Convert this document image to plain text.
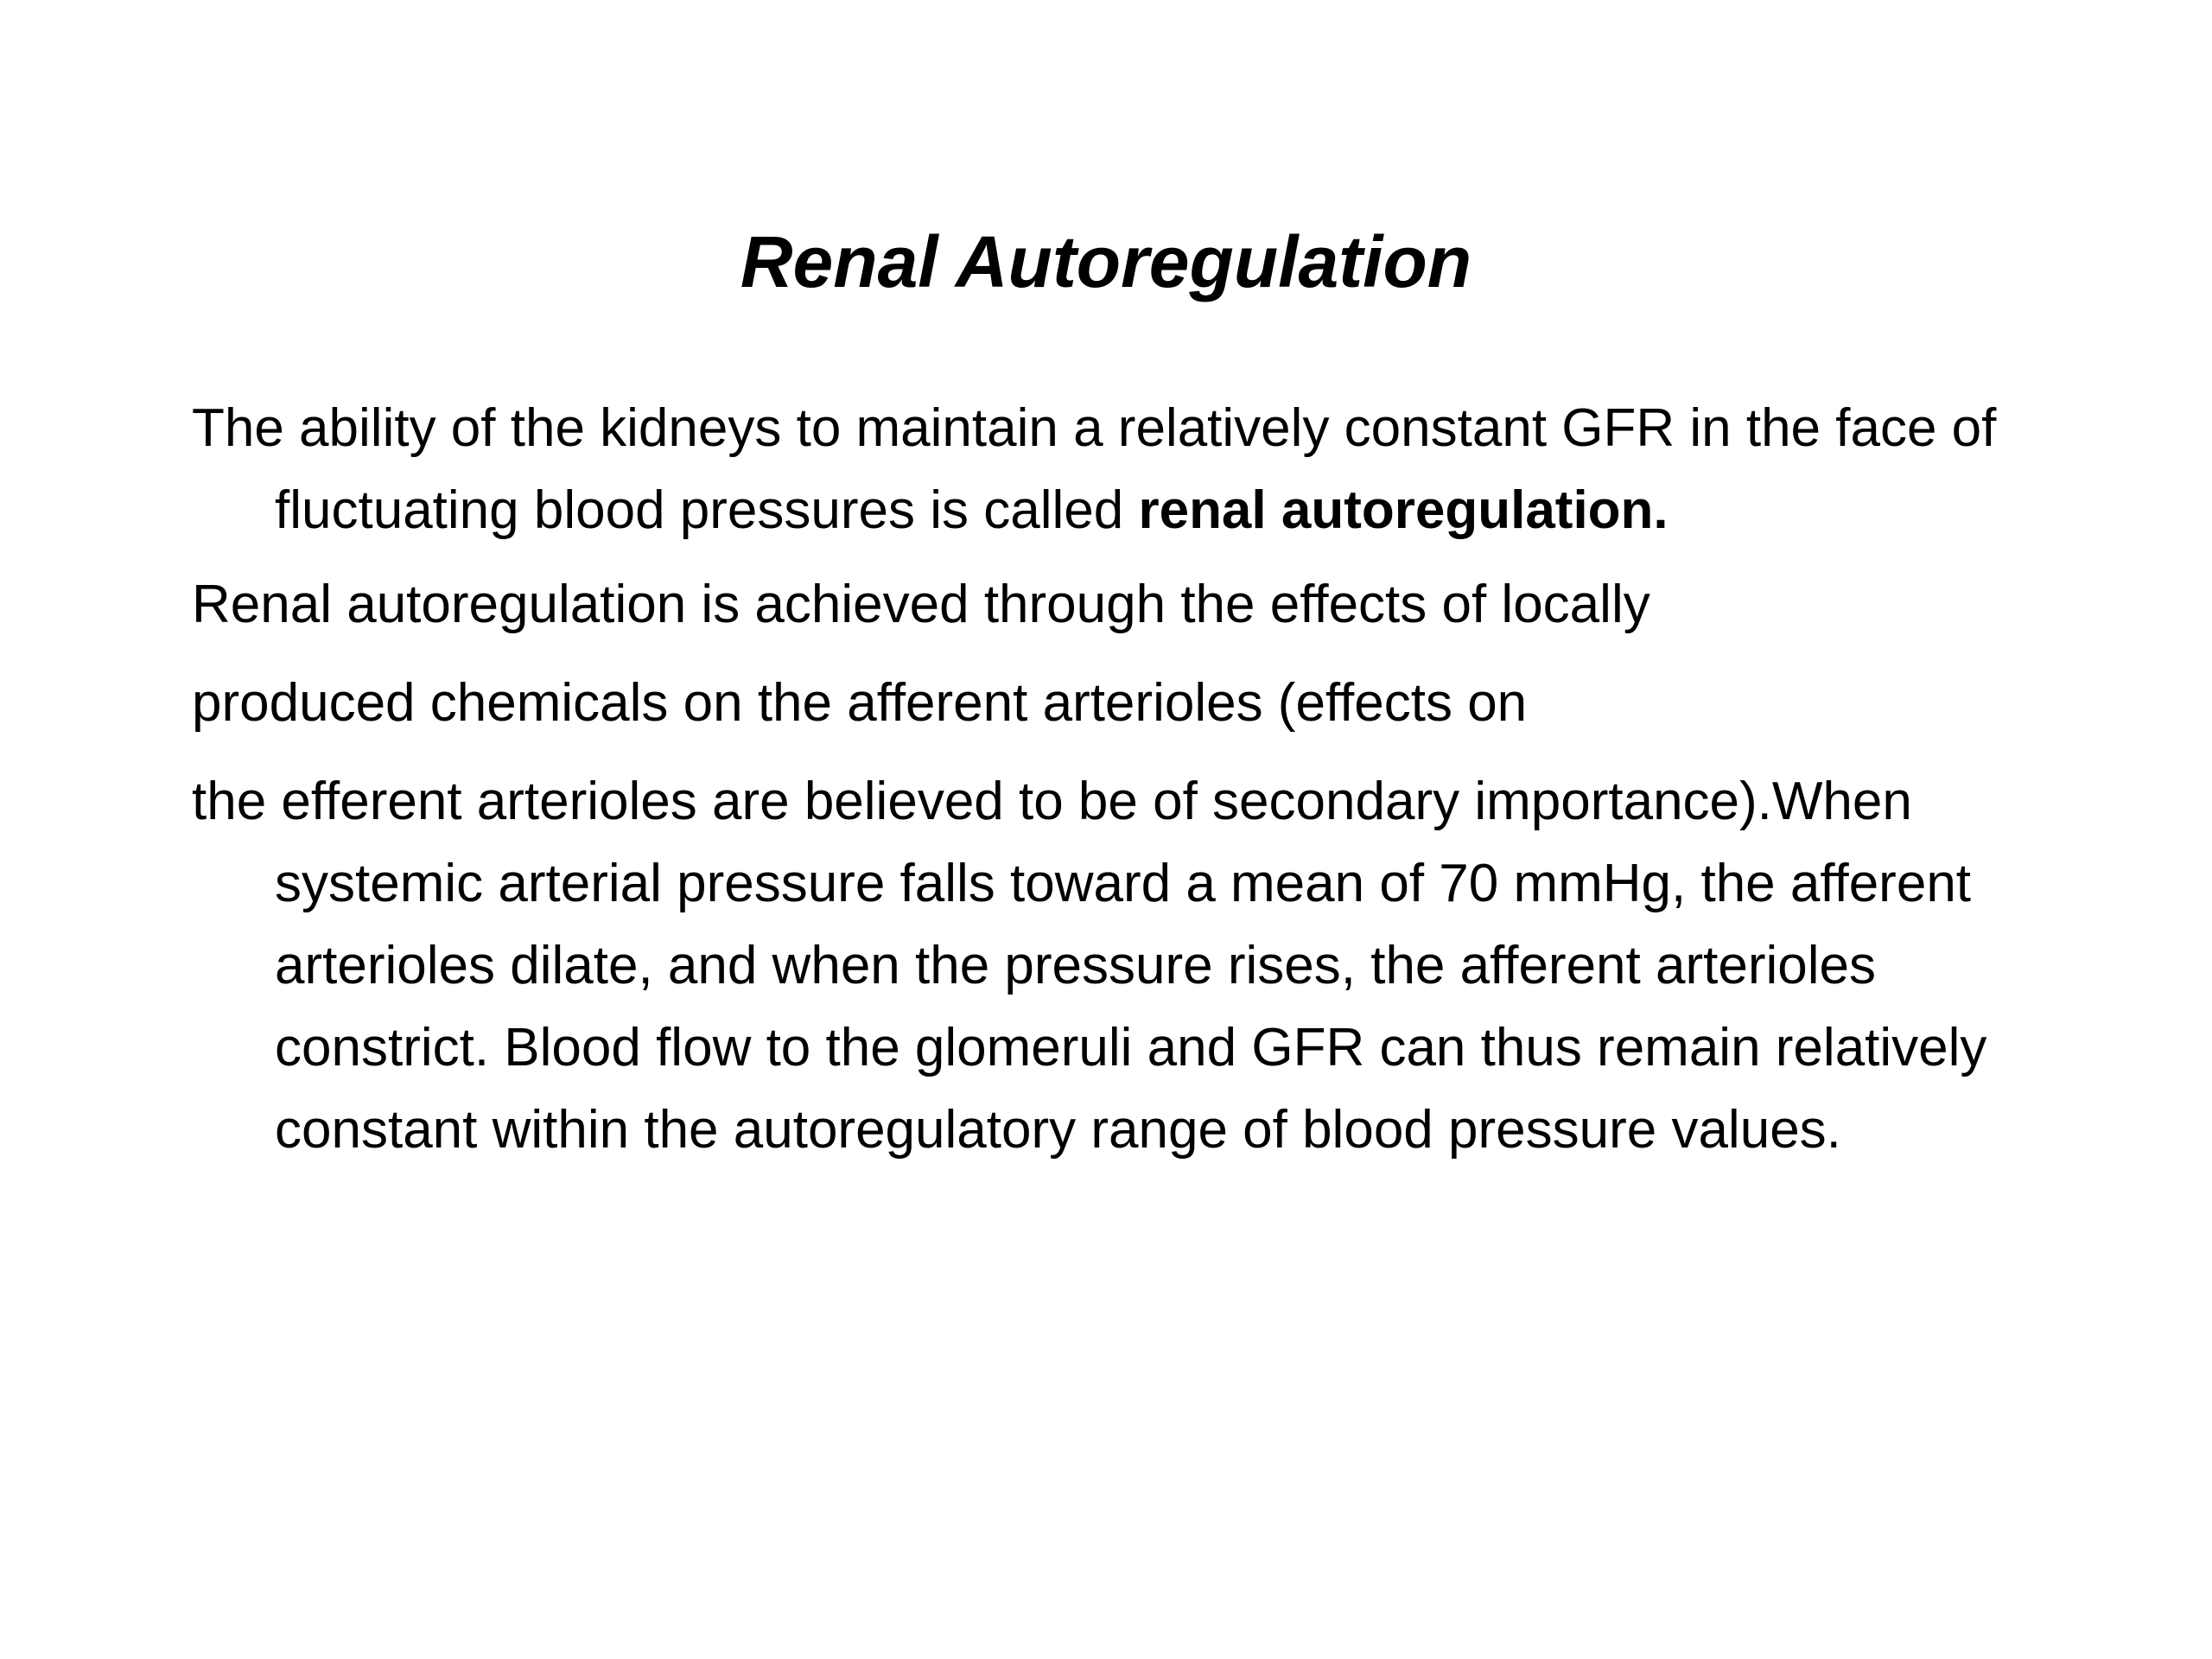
Renal Autoregulation

The ability of the kidneys to maintain a relatively constant GFR in the face of fluctuating blood pressures is called renal autoregulation.

Renal autoregulation is achieved through the effects of locally

produced chemicals on the afferent arterioles (effects on

the efferent arterioles are believed to be of secondary importance).When systemic arterial pressure falls toward a mean of 70 mmHg, the afferent arterioles dilate, and when the pressure rises, the afferent arterioles constrict. Blood flow to the glomeruli and GFR can thus remain relatively constant within the autoregulatory range of blood pressure values.
